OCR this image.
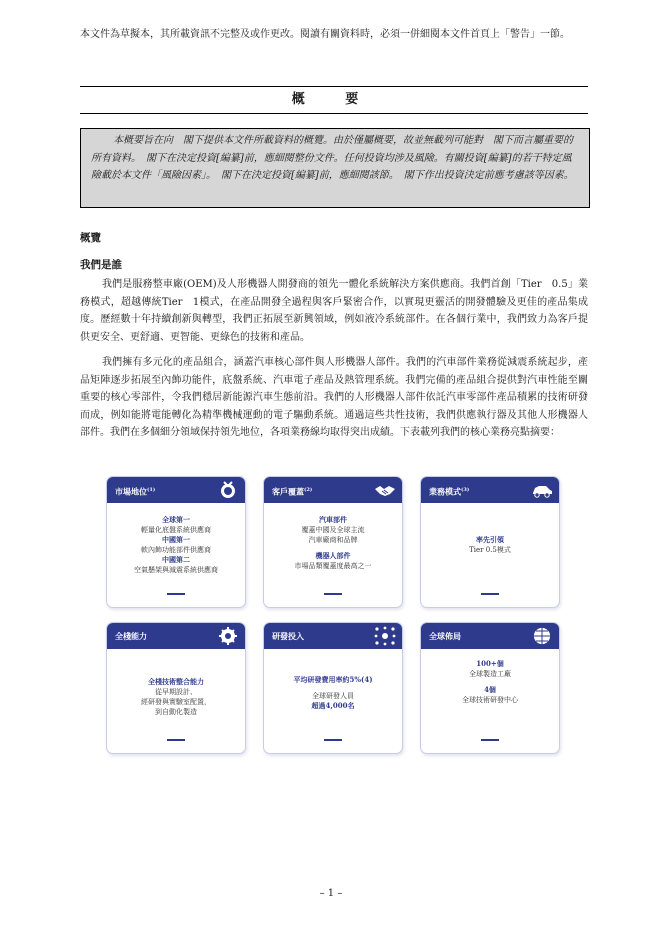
本文件為草擬本，其所載資訊不完整及或作更改。閱讀有關資料時，必須一併細閱本文件首頁上「警告」一節。
概 要

本概要旨在向　閣下提供本文件所載資料的概覽。由於僅屬概要，故並無載列可能對　閣下而言屬重要的所有資料。　閣下在決定投資[編纂]前，應細閱整份文件。任何投資均涉及風險。有關投資[編纂]的若干特定風險載於本文件「風險因素」。　閣下在決定投資[編纂]前，應細閱該節。　閣下作出投資決定前應考慮該等因素。

概覽
我們是誰

我們是服務整車廠(OEM)及人形機器人開發商的領先一體化系統解決方案供應商。我們首創「Tier　0.5」業務模式，超越傳統Tier　1模式，在產品開發全過程與客戶緊密合作，以實現更靈活的開發體驗及更佳的產品集成度。歷經數十年持續創新與轉型，我們正拓展至新興領域，例如液冷系統部件。在各個行業中，我們致力為客戶提供更安全、更舒適、更智能、更綠色的技術和產品。

我們擁有多元化的產品組合，涵蓋汽車核心部件與人形機器人部件。我們的汽車部件業務從減震系統起步，產品矩陣逐步拓展至內飾功能件，底盤系統、汽車電子產品及熱管理系統。我們完備的產品組合提供對汽車性能至關重要的核心零部件，令我們穩居新能源汽車生態前沿。我們的人形機器人部件依託汽車零部件產品積累的技術研發而成，例如能將電能轉化為精準機械運動的電子驅動系統。通過這些共性技術，我們供應執行器及其他人形機器人部件。我們在多個細分領域保持領先地位，各項業務線均取得突出成績。下表載列我們的核心業務亮點摘要：

市場地位$^{(1)}$
全球第一
輕量化底盤系統供應商
中國第一
軟內飾功能部件供應商
中國第二
空氣懸架與減震系統供應商
客戶覆蓋$^{(2)}$
汽車部件
覆蓋中國及全球主流
汽車廠商和品牌
機器人部件
市場品類覆蓋度最高之一
業務模式$^{(3)}$
率先引領
Tier 0.5模式
全棧能力
全棧技術整合能力
從早期設計、
經研發與實驗室配置，
到自動化製造
研發投入
平均研發費用率約5%(4)
全球研發人員
超過4,000名
全球佈局
100+個
全球製造工廠
4個
全球技術研發中心
– 1 –
